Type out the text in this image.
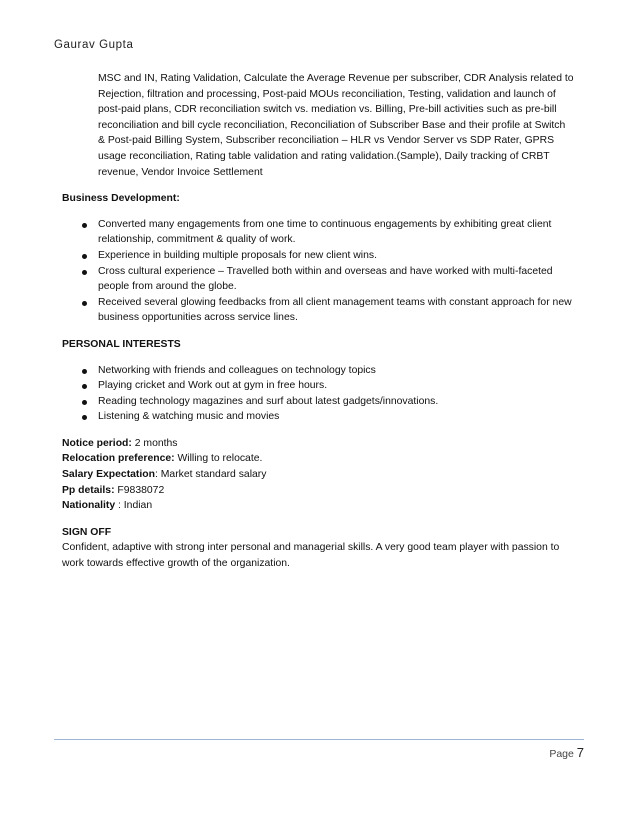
Gaurav Gupta
MSC and IN, Rating Validation, Calculate the Average Revenue per subscriber, CDR Analysis related to Rejection, filtration and processing, Post-paid MOUs reconciliation, Testing, validation and launch of post-paid plans, CDR reconciliation switch vs. mediation vs. Billing, Pre-bill activities such as pre-bill reconciliation and bill cycle reconciliation, Reconciliation of Subscriber Base and their profile at Switch & Post-paid Billing System, Subscriber reconciliation – HLR vs Vendor Server vs SDP Rater, GPRS usage reconciliation, Rating table validation and rating validation.(Sample), Daily tracking of CRBT revenue, Vendor Invoice Settlement
Business Development:
Converted many engagements from one time to continuous engagements by exhibiting great client relationship, commitment & quality of work.
Experience in building multiple proposals for new client wins.
Cross cultural experience – Travelled both within and overseas and have worked with multi-faceted people from around the globe.
Received several glowing feedbacks from all client management teams with constant approach for new business opportunities across service lines.
PERSONAL INTERESTS
Networking with friends and colleagues on technology topics
Playing cricket and Work out at gym in free hours.
Reading technology magazines and surf about latest gadgets/innovations.
Listening & watching music and movies
Notice period: 2 months
Relocation preference: Willing to relocate.
Salary Expectation: Market standard salary
Pp details: F9838072
Nationality : Indian
SIGN OFF
Confident, adaptive with strong inter personal and managerial skills. A very good team player with passion to work towards effective growth of the organization.
Page 7
